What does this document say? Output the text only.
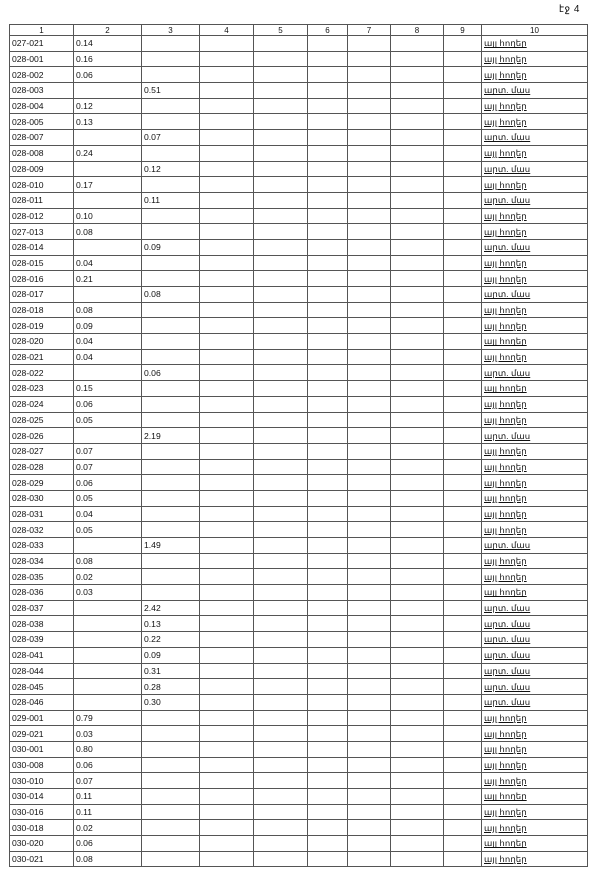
էջ 4
1	2	3	4	5	6	7	8	9	10
027-021	0.14								այլ հողեր
028-001	0.16								այլ հողեր
028-002	0.06								այլ հողեր
028-003		0.51							արտ. մաս
028-004	0.12								այլ հողեր
028-005	0.13								այլ հողեր
028-007		0.07							արտ. մաս
028-008	0.24								այլ հողեր
028-009		0.12							արտ. մաս
028-010	0.17								այլ հողեր
028-011		0.11							արտ. մաս
028-012	0.10								այլ հողեր
027-013	0.08								այլ հողեր
028-014		0.09							արտ. մաս
028-015	0.04								այլ հողեր
028-016	0.21								այլ հողեր
028-017		0.08							արտ. մաս
028-018	0.08								այլ հողեր
028-019	0.09								այլ հողեր
028-020	0.04								այլ հողեր
028-021	0.04								այլ հողեր
028-022		0.06							արտ. մաս
028-023	0.15								այլ հողեր
028-024	0.06								այլ հողեր
028-025	0.05								այլ հողեր
028-026		2.19							արտ. մաս
028-027	0.07								այլ հողեր
028-028	0.07								այլ հողեր
028-029	0.06								այլ հողեր
028-030	0.05								այլ հողեր
028-031	0.04								այլ հողեր
028-032	0.05								այլ հողեր
028-033		1.49							արտ. մաս
028-034	0.08								այլ հողեր
028-035	0.02								այլ հողեր
028-036	0.03								այլ հողեր
028-037		2.42							արտ. մաս
028-038		0.13							արտ. մաս
028-039		0.22							արտ. մաս
028-041		0.09							արտ. մաս
028-044		0.31							արտ. մաս
028-045		0.28							արտ. մաս
028-046		0.30							արտ. մաս
029-001	0.79								այլ հողեր
029-021	0.03								այլ հողեր
030-001	0.80								այլ հողեր
030-008	0.06								այլ հողեր
030-010	0.07								այլ հողեր
030-014	0.11								այլ հողեր
030-016	0.11								այլ հողեր
030-018	0.02								այլ հողեր
030-020	0.06								այլ հողեր
030-021	0.08								այլ հողեր
